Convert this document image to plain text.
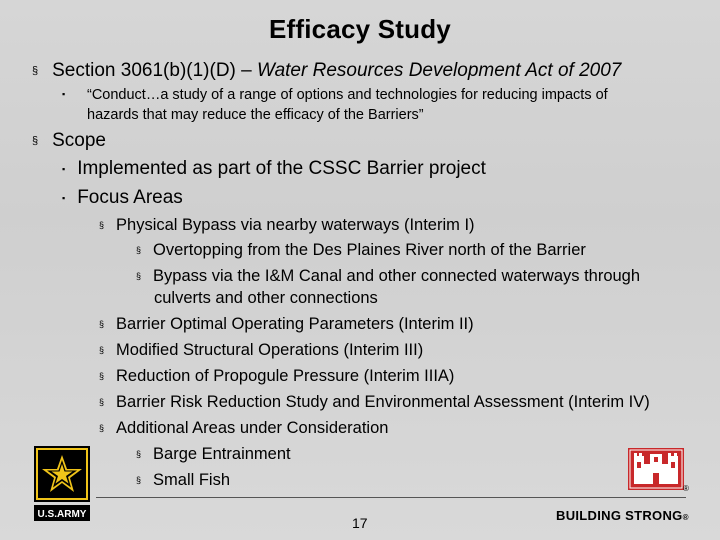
Efficacy Study
§ Section 3061(b)(1)(D) – Water Resources Development Act of 2007
▪	“Conduct…a study of a range of options and technologies for reducing impacts of
hazards that may reduce the efficacy of the Barriers”
§ Scope
▪ Implemented as part of the CSSC Barrier project
▪ Focus Areas
§ Physical Bypass via nearby waterways (Interim I)
§ Overtopping from the Des Plaines River north of the Barrier
§ Bypass via the I&M Canal and other connected waterways through
culverts and other connections
§ Barrier Optimal Operating Parameters (Interim II)
§ Modified Structural Operations (Interim III)
§ Reduction of Propogule Pressure (Interim IIIA)
§ Barrier Risk Reduction Study and Environmental Assessment (Interim IV)
§ Additional Areas under Consideration
§ Barge Entrainment
§ Small Fish
U.S.ARMY
®
17	BUILDING STRONG®
